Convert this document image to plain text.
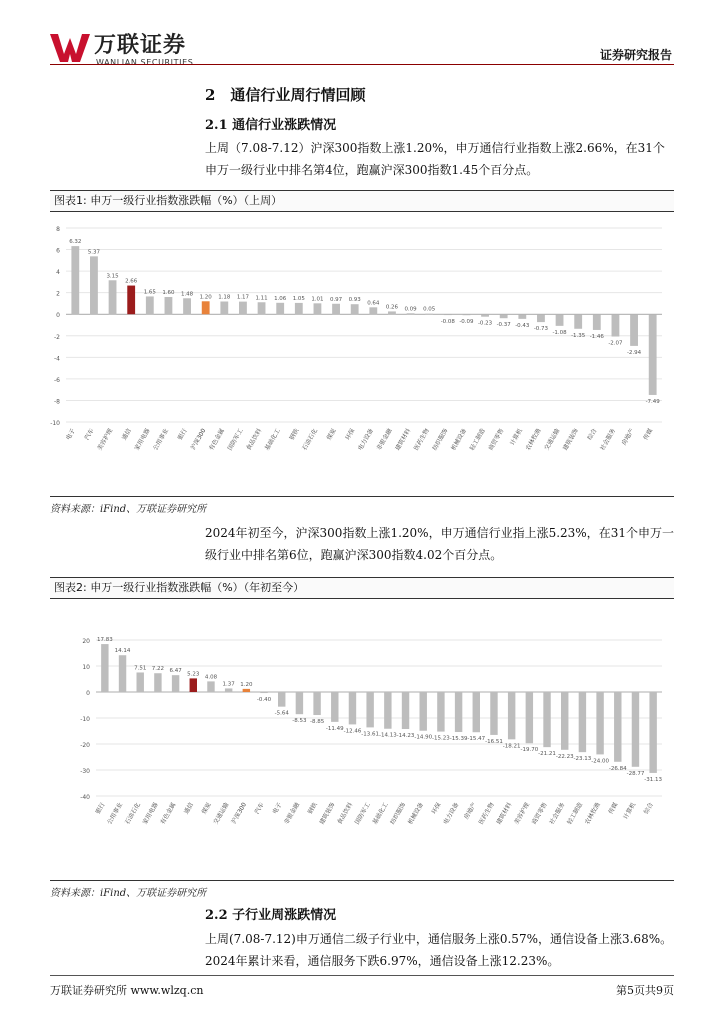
万联证券
WANLIAN SECURITIES
证券研究报告
2　通信行业周行情回顾
2.1 通信行业涨跌情况
上周（7.08-7.12）沪深300指数上涨1.20%，申万通信行业指数上涨2.66%，在31个申万一级行业中排名第4位，跑赢沪深300指数1.45个百分点。
图表1: 申万一级行业指数涨跌幅（%）（上周）
-10
-8
-6
-4
-2
0
2
4
6
8
6.32
电子
5.37
汽车
3.15
美容护理
2.66
通信
1.65
家用电器
1.60
公用事业
1.48
银行
1.20
沪深300
1.18
有色金属
1.17
国防军工
1.11
食品饮料
1.06
基础化工
1.05
钢铁
1.01
石油石化
0.97
煤炭
0.93
环保
0.64
电力设备
0.26
非银金融
0.09
建筑材料
0.05
医药生物
-0.08
纺织服饰
-0.09
机械设备
-0.23
轻工制造
-0.37
商贸零售
-0.43
计算机
-0.73
农林牧渔
-1.08
交通运输
-1.35
建筑装饰
-1.46
综合
-2.07
社会服务
-2.94
房地产
-7.49
传媒
资料来源：iFind、万联证券研究所
2024年初至今，沪深300指数上涨1.20%，申万通信行业指上涨5.23%，在31个申万一级行业中排名第6位，跑赢沪深300指数4.02个百分点。
图表2: 申万一级行业指数涨跌幅（%）（年初至今）
-40
-30
-20
-10
0
10
20 17.83
银行
14.14
公用事业
7.51
石油石化
7.22
家用电器
6.47
有色金属
5.23
通信
4.08
煤炭
1.37
交通运输
1.20
沪深300
-0.40
汽车
-5.64
电子
-8.53
非银金融
-8.85
钢铁
-11.49
建筑装饰
-12.46
食品饮料
-13.61
国防军工
-14.13
基础化工
-14.23
纺织服饰
-14.90
机械设备
-15.23
环保
-15.39
电力设备
-15.47
房地产
-16.51
医药生物
-18.21
建筑材料
-19.70
美容护理
-21.21
商贸零售
-22.23
社会服务
-23.13
轻工制造
-24.00
农林牧渔
-26.84
传媒
-28.77
计算机
-31.13
综合
资料来源：iFind、万联证券研究所
2.2 子行业周涨跌情况
上周(7.08-7.12)申万通信二级子行业中，通信服务上涨0.57%，通信设备上涨3.68%。2024年累计来看，通信服务下跌6.97%，通信设备上涨12.23%。
万联证券研究所 www.wlzq.cn	第5页共9页
